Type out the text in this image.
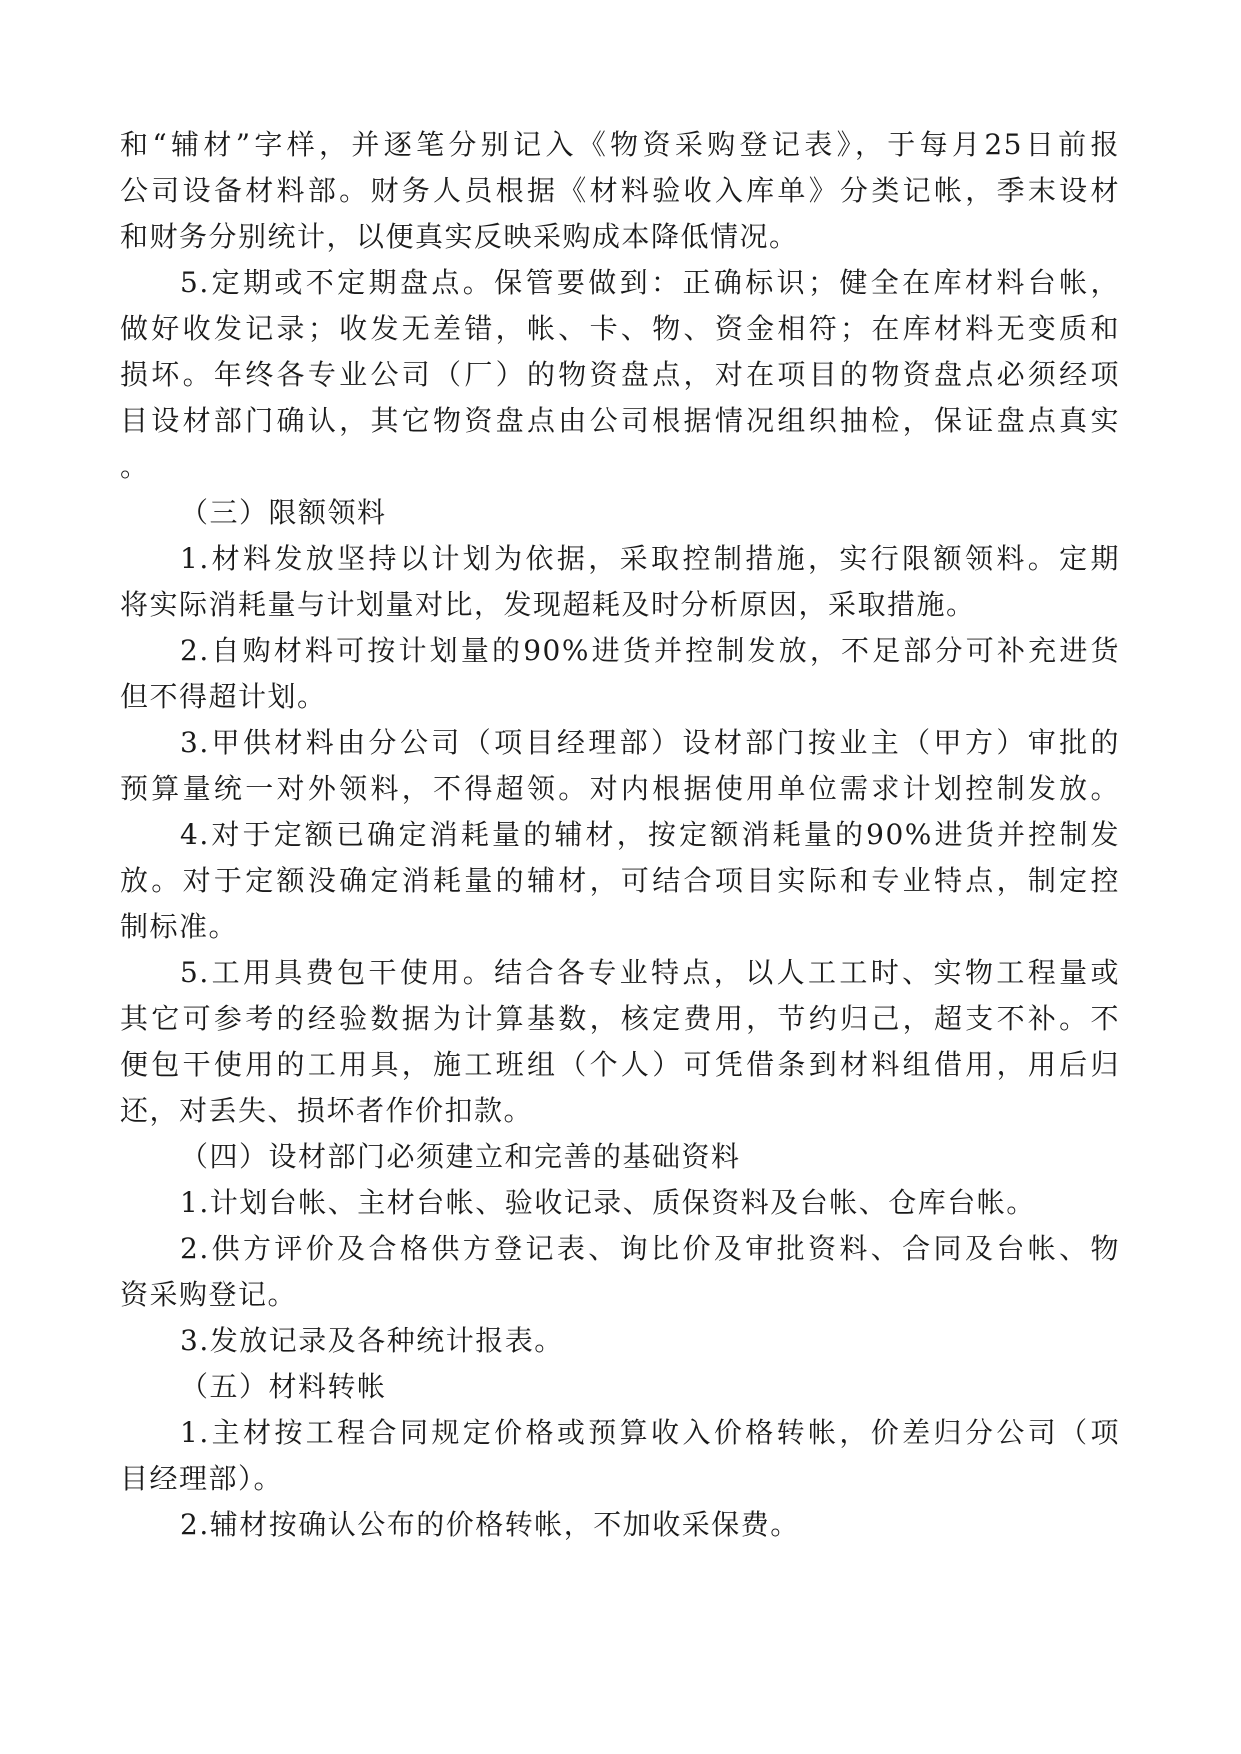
和“辅材”字样，并逐笔分别记入《物资采购登记表》，于每月25日前报
公司设备材料部。财务人员根据《材料验收入库单》分类记帐，季末设材
和财务分别统计，以便真实反映采购成本降低情况。
5.定期或不定期盘点。保管要做到：正确标识；健全在库材料台帐，
做好收发记录；收发无差错，帐、卡、物、资金相符；在库材料无变质和
损坏。年终各专业公司（厂）的物资盘点，对在项目的物资盘点必须经项
目设材部门确认，其它物资盘点由公司根据情况组织抽检，保证盘点真实
。
（三）限额领料
1.材料发放坚持以计划为依据，采取控制措施，实行限额领料。定期
将实际消耗量与计划量对比，发现超耗及时分析原因，采取措施。
2.自购材料可按计划量的90%进货并控制发放，不足部分可补充进货
但不得超计划。
3.甲供材料由分公司（项目经理部）设材部门按业主（甲方）审批的
预算量统一对外领料，不得超领。对内根据使用单位需求计划控制发放。
4.对于定额已确定消耗量的辅材，按定额消耗量的90%进货并控制发
放。对于定额没确定消耗量的辅材，可结合项目实际和专业特点，制定控
制标准。
5.工用具费包干使用。结合各专业特点，以人工工时、实物工程量或
其它可参考的经验数据为计算基数，核定费用，节约归己，超支不补。不
便包干使用的工用具，施工班组（个人）可凭借条到材料组借用，用后归
还，对丢失、损坏者作价扣款。
（四）设材部门必须建立和完善的基础资料
1.计划台帐、主材台帐、验收记录、质保资料及台帐、仓库台帐。
2.供方评价及合格供方登记表、询比价及审批资料、合同及台帐、物
资采购登记。
3.发放记录及各种统计报表。
（五）材料转帐
1.主材按工程合同规定价格或预算收入价格转帐，价差归分公司（项
目经理部）。
2.辅材按确认公布的价格转帐，不加收采保费。
